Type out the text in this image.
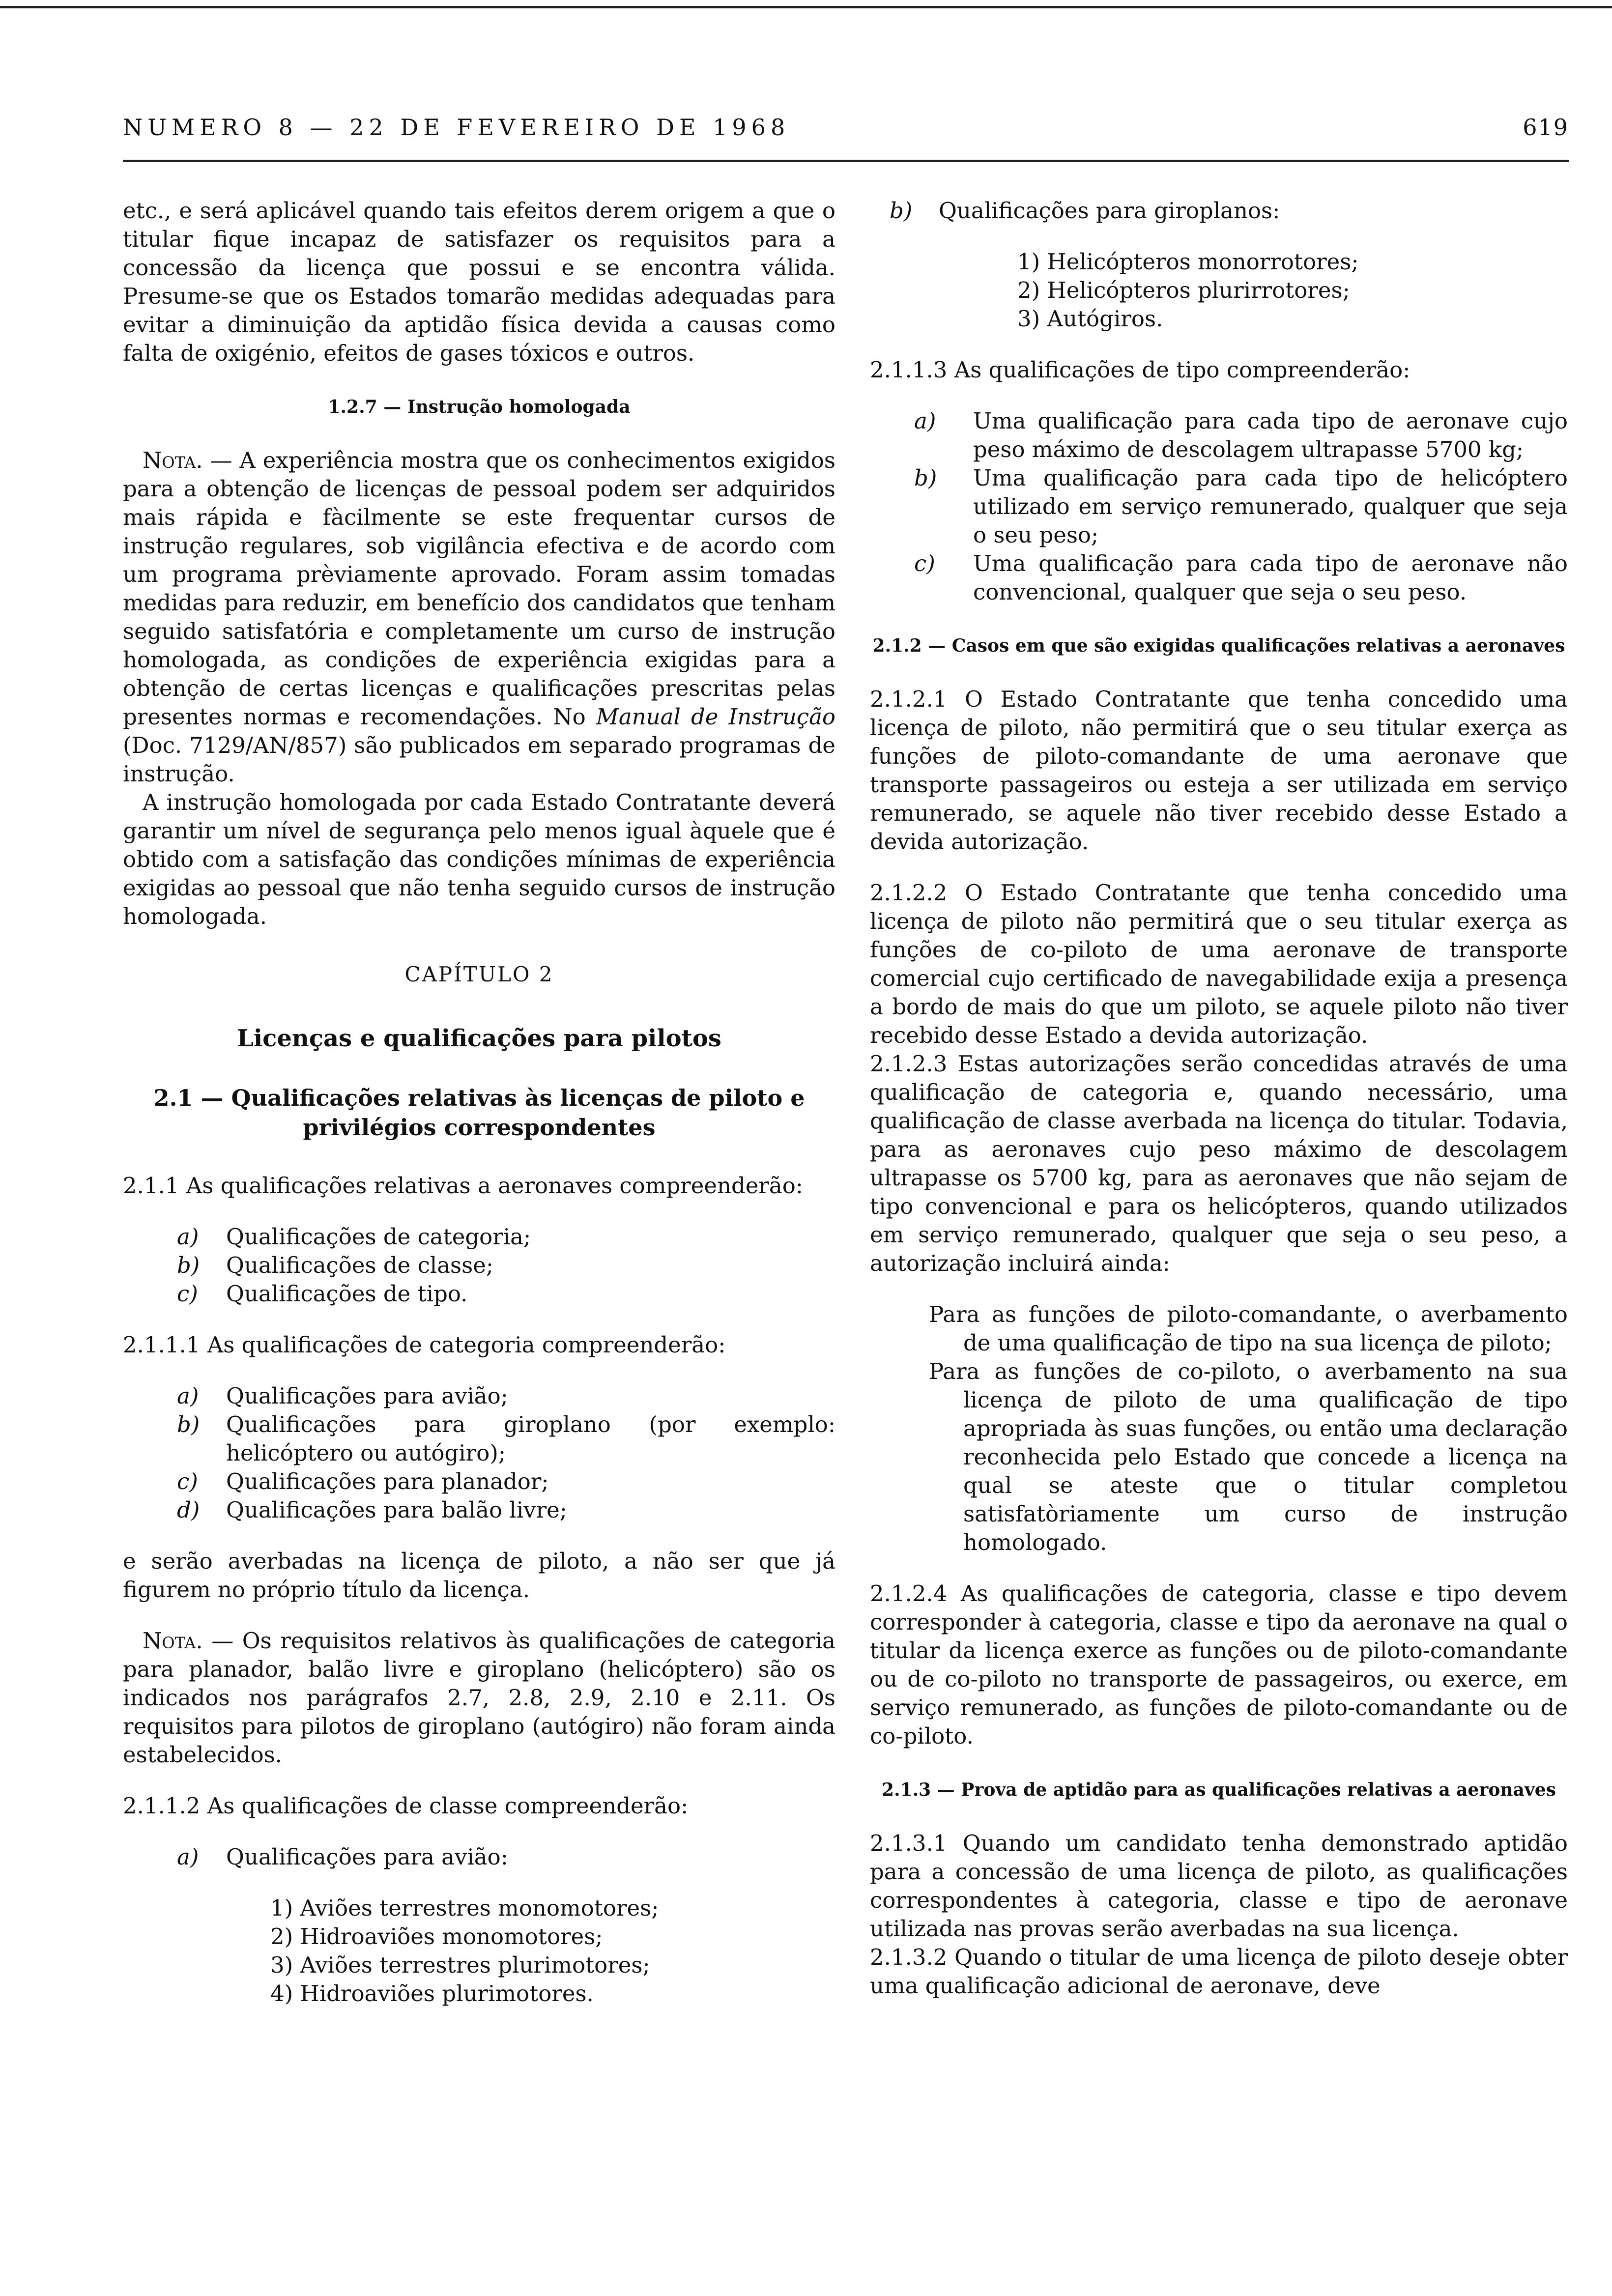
NUMERO 8 — 22 DE FEVEREIRO DE 1968	619

etc., e será aplicável quando tais efeitos derem origem a que o titular fique incapaz de satisfazer os requisitos para a concessão da licença que possui e se encontra válida. Presume-se que os Estados tomarão medidas adequadas para evitar a diminuição da aptidão física devida a causas como falta de oxigénio, efeitos de gases tóxicos e outros.

1.2.7 — Instrução homologada

Nota. — A experiência mostra que os conhecimentos exigidos para a obtenção de licenças de pessoal podem ser adquiridos mais rápida e fàcilmente se este frequentar cursos de instrução regulares, sob vigilância efectiva e de acordo com um programa prèviamente aprovado. Foram assim tomadas medidas para reduzir, em benefício dos candidatos que tenham seguido satisfatória e completamente um curso de instrução homologada, as condições de experiência exigidas para a obtenção de certas licenças e qualificações prescritas pelas presentes normas e recomendações. No Manual de Instrução (Doc. 7129/AN/857) são publicados em separado programas de instrução.

A instrução homologada por cada Estado Contratante deverá garantir um nível de segurança pelo menos igual àquele que é obtido com a satisfação das condições mínimas de experiência exigidas ao pessoal que não tenha seguido cursos de instrução homologada.

CAPÍTULO 2
Licenças e qualificações para pilotos
2.1 — Qualificações relativas às licenças de piloto e privilégios correspondentes

2.1.1 As qualificações relativas a aeronaves compreenderão:

a) Qualificações de categoria;
b) Qualificações de classe;
c) Qualificações de tipo.

2.1.1.1 As qualificações de categoria compreenderão:

a) Qualificações para avião;
b) Qualificações para giroplano (por exemplo: helicóptero ou autógiro);
c) Qualificações para planador;
d) Qualificações para balão livre;

e serão averbadas na licença de piloto, a não ser que já figurem no próprio título da licença.

Nota. — Os requisitos relativos às qualificações de categoria para planador, balão livre e giroplano (helicóptero) são os indicados nos parágrafos 2.7, 2.8, 2.9, 2.10 e 2.11. Os requisitos para pilotos de giroplano (autógiro) não foram ainda estabelecidos.

2.1.1.2 As qualificações de classe compreenderão:

a) Qualificações para avião:
1) Aviões terrestres monomotores;
2) Hidroaviões monomotores;
3) Aviões terrestres plurimotores;
4) Hidroaviões plurimotores.
b) Qualificações para giroplanos:
1) Helicópteros monorrotores;
2) Helicópteros plurirrotores;
3) Autógiros.

2.1.1.3 As qualificações de tipo compreenderão:

a) Uma qualificação para cada tipo de aeronave cujo peso máximo de descolagem ultrapasse 5700 kg;
b) Uma qualificação para cada tipo de helicóptero utilizado em serviço remunerado, qualquer que seja o seu peso;
c) Uma qualificação para cada tipo de aeronave não convencional, qualquer que seja o seu peso.
2.1.2 — Casos em que são exigidas qualificações relativas a aeronaves

2.1.2.1 O Estado Contratante que tenha concedido uma licença de piloto, não permitirá que o seu titular exerça as funções de piloto-comandante de uma aeronave que transporte passageiros ou esteja a ser utilizada em serviço remunerado, se aquele não tiver recebido desse Estado a devida autorização.

2.1.2.2 O Estado Contratante que tenha concedido uma licença de piloto não permitirá que o seu titular exerça as funções de co-piloto de uma aeronave de transporte comercial cujo certificado de navegabilidade exija a presença a bordo de mais do que um piloto, se aquele piloto não tiver recebido desse Estado a devida autorização.

2.1.2.3 Estas autorizações serão concedidas através de uma qualificação de categoria e, quando necessário, uma qualificação de classe averbada na licença do titular. Todavia, para as aeronaves cujo peso máximo de descolagem ultrapasse os 5700 kg, para as aeronaves que não sejam de tipo convencional e para os helicópteros, quando utilizados em serviço remunerado, qualquer que seja o seu peso, a autorização incluirá ainda:

Para as funções de piloto-comandante, o averbamento de uma qualificação de tipo na sua licença de piloto;
Para as funções de co-piloto, o averbamento na sua licença de piloto de uma qualificação de tipo apropriada às suas funções, ou então uma declaração reconhecida pelo Estado que concede a licença na qual se ateste que o titular completou satisfatòriamente um curso de instrução homologado.

2.1.2.4 As qualificações de categoria, classe e tipo devem corresponder à categoria, classe e tipo da aeronave na qual o titular da licença exerce as funções ou de piloto-comandante ou de co-piloto no transporte de passageiros, ou exerce, em serviço remunerado, as funções de piloto-comandante ou de co-piloto.

2.1.3 — Prova de aptidão para as qualificações relativas a aeronaves

2.1.3.1 Quando um candidato tenha demonstrado aptidão para a concessão de uma licença de piloto, as qualificações correspondentes à categoria, classe e tipo de aeronave utilizada nas provas serão averbadas na sua licença.

2.1.3.2 Quando o titular de uma licença de piloto deseje obter uma qualificação adicional de aeronave, deve
